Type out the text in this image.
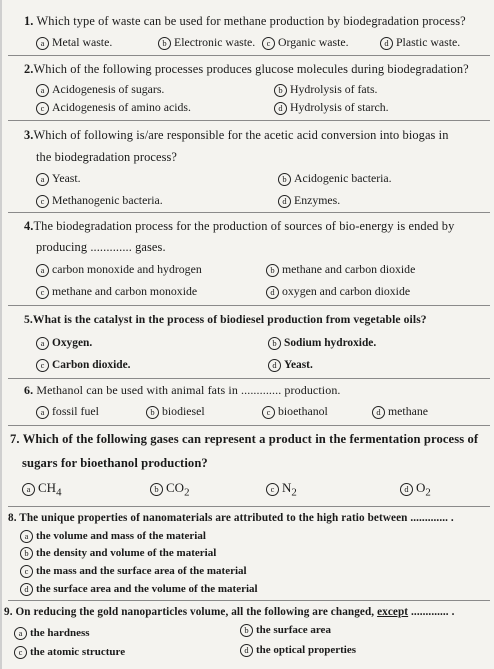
1. Which type of waste can be used for methane production by biodegradation process?
a Metal waste.	b Electronic waste.	c Organic waste.	d Plastic waste.
2.Which of the following processes produces glucose molecules during biodegradation?
a Acidogenesis of sugars.	b Hydrolysis of fats.
c Acidogenesis of amino acids.	d Hydrolysis of starch.
3.Which of following is/are responsible for the acetic acid conversion into biogas in
the biodegradation process?
a Yeast.	b Acidogenic bacteria.
c Methanogenic bacteria.	d Enzymes.
4.The biodegradation process for the production of sources of bio-energy is ended by
producing ............. gases.
a carbon monoxide and hydrogen	b methane and carbon dioxide
c methane and carbon monoxide	d oxygen and carbon dioxide
5.What is the catalyst in the process of biodiesel production from vegetable oils?
a Oxygen.	b Sodium hydroxide.
c Carbon dioxide.	d Yeast.
6. Methanol can be used with animal fats in ............. production.
a fossil fuel	b biodiesel	c bioethanol	d methane
7. Which of the following gases can represent a product in the fermentation process of
sugars for bioethanol production?
a $CH_4$	b $CO_2$	c $N_2$	d $O_2$
8. The unique properties of nanomaterials are attributed to the high ratio between ............. .
a the volume and mass of the material
b the density and volume of the material
c the mass and the surface area of the material
d the surface area and the volume of the material
9. On reducing the gold nanoparticles volume, all the following are changed, except ............. .
a the hardness	b the surface area
c the atomic structure	d the optical properties
